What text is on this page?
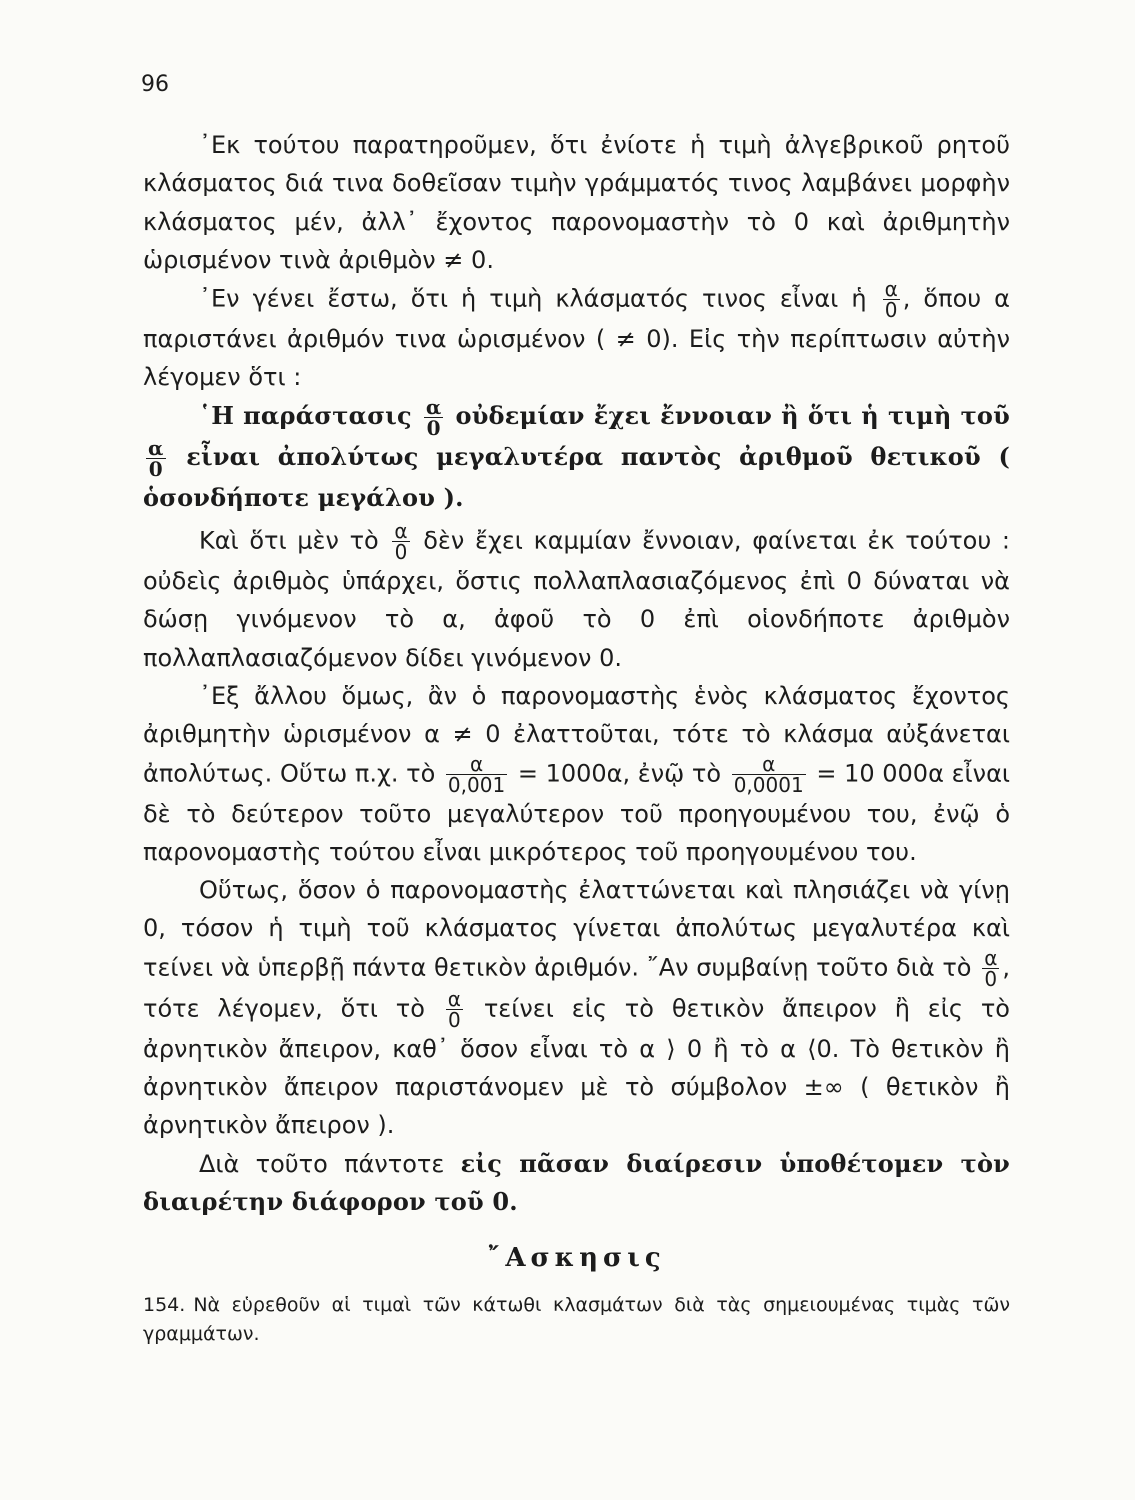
96

᾽Εκ τούτου παρατηροῦμεν, ὅτι ἐνίοτε ἡ τιμὴ ἀλγεβρικοῦ ρητοῦ κλάσματος διά τινα δοθεῖσαν τιμὴν γράμματός τινος λαμβάνει μορφὴν κλάσματος μέν, ἀλλ᾽ ἔχοντος παρονομαστὴν τὸ 0 καὶ ἀριθμητὴν ὡρισμένον τινὰ ἀριθμὸν ≠ 0.

᾽Εν γένει ἔστω, ὅτι ἡ τιμὴ κλάσματός τινος εἶναι ἡ $\frac{\alpha}{0}$ , ὅπου α παριστάνει ἀριθμόν τινα ὡρισμένον ( ≠ 0). Εἰς τὴν περίπτωσιν αὐτὴν λέγομεν ὅτι :

῾Η παράστασις $\frac{\alpha}{0}$ οὐδεμίαν ἔχει ἔννοιαν ἢ ὅτι ἡ τιμὴ τοῦ
$\frac{\alpha}{0}$ εἶναι ἀπολύτως μεγαλυτέρα παντὸς ἀριθμοῦ θετικοῦ ( ὁσονδήποτε μεγάλου ).

Καὶ ὅτι μὲν τὸ $\frac{\alpha}{0}$ δὲν ἔχει καμμίαν ἔννοιαν, φαίνεται ἐκ τούτου : οὐδεὶς ἀριθμὸς ὑπάρχει, ὅστις πολλαπλασιαζόμενος ἐπὶ 0 δύναται νὰ δώσῃ γινόμενον τὸ α, ἀφοῦ τὸ 0 ἐπὶ οἱονδήποτε ἀριθμὸν πολλαπλασιαζόμενον δίδει γινόμενον 0.

᾽Εξ ἄλλου ὅμως, ἂν ὁ παρονομαστὴς ἑνὸς κλάσματος ἔχοντος ἀριθμητὴν ὡρισμένον α ≠ 0 ἐλαττοῦται, τότε τὸ κλάσμα αὐξάνεται ἀπολύτως. Οὕτω π.χ. τὸ $\frac{\alpha}{0,001} = 1000\alpha$, ἐνῷ τὸ $\frac{\alpha}{0,0001} = 10$ 000α εἶναι δὲ τὸ δεύτερον τοῦτο μεγαλύτερον τοῦ προηγουμένου του, ἐνῷ ὁ παρονομαστὴς τούτου εἶναι μικρότερος τοῦ προηγουμένου του.

Οὕτως, ὅσον ὁ παρονομαστὴς ἐλαττώνεται καὶ πλησιάζει νὰ γίνῃ 0, τόσον ἡ τιμὴ τοῦ κλάσματος γίνεται ἀπολύτως μεγαλυτέρα καὶ τείνει νὰ ὑπερβῇ πάντα θετικὸν ἀριθμόν. ῎Αν συμβαίνῃ τοῦτο διὰ τὸ $\frac{\alpha}{0}$ , τότε λέγομεν, ὅτι τὸ $\frac{\alpha}{0}$ τείνει εἰς τὸ θετικὸν ἄπειρον ἢ εἰς τὸ ἀρνητικὸν ἄπειρον, καθ᾽ ὅσον εἶναι τὸ α ⟩ 0 ἢ τὸ α ⟨0. Τὸ θετικὸν ἢ ἀρνητικὸν ἄπειρον παριστάνομεν μὲ τὸ σύμβολον ±∞ ( θετικὸν ἢ ἀρνητικὸν ἄπειρον ).

Διὰ τοῦτο πάντοτε εἰς πᾶσαν διαίρεσιν ὑποθέτομεν τὸν διαιρέτην διάφορον τοῦ 0.

῎Ασκησις

154. Νὰ εὑρεθοῦν αἱ τιμαὶ τῶν κάτωθι κλασμάτων διὰ τὰς σημειουμένας τιμὰς τῶν γραμμάτων.
